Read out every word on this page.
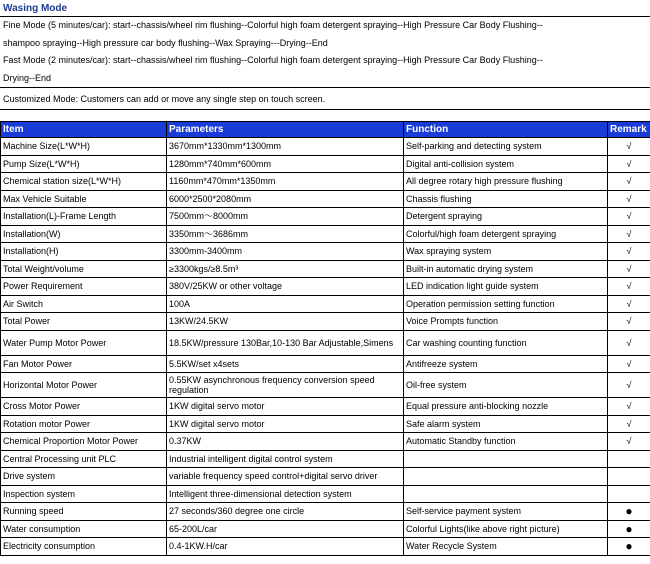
Wasing Mode
Fine Mode (5 minutes/car): start--chassis/wheel rim flushing--Colorful high foam detergent spraying--High Pressure Car Body Flushing--
shampoo spraying--High pressure car body flushing--Wax Spraying---Drying--End
Fast Mode (2 minutes/car): start--chassis/wheel rim flushing--Colorful high foam detergent spraying--High Pressure Car Body Flushing--
Drying--End
Customized Mode: Customers can add or move any single step on touch screen.
Item	Parameters	Function	Remark
Machine Size(L*W*H)	3670mm*1330mm*1300mm	Self-parking and detecting system	√
Pump Size(L*W*H)	1280mm*740mm*600mm	Digital anti-collision system	√
Chemical station size(L*W*H)	1160mm*470mm*1350mm	All degree rotary high pressure flushing	√
Max Vehicle Suitable	6000*2500*2080mm	Chassis flushing	√
Installation(L)-Frame Length	7500mm～8000mm	Detergent spraying	√
Installation(W)	3350mm～3686mm	Colorful/high foam detergent spraying	√
Installation(H)	3300mm-3400mm	Wax spraying system	√
Total Weight/volume	≥3300kgs/≥8.5m³	Built-in automatic drying system	√
Power Requirement	380V/25KW or other voltage	LED indication light guide system	√
Air Switch	100A	Operation permission setting function	√
Total Power	13KW/24.5KW	Voice Prompts function	√
Water Pump Motor Power	18.5KW/pressure 130Bar,10-130 Bar Adjustable,Simens	Car washing counting function	√
Fan Motor Power	5.5KW/set x4sets	Antifreeze system	√
Horizontal Motor Power	0.55KW asynchronous frequency conversion speed regulation	Oil-free system	√
Cross Motor Power	1KW digital servo motor	Equal pressure anti-blocking nozzle	√
Rotation motor Power	1KW digital servo motor	Safe alarm system	√
Chemical Proportion Motor Power	0.37KW	Automatic Standby function	√
Central Processing unit PLC	Industrial intelligent digital control system		
Drive system	variable frequency speed control+digital servo driver		
Inspection system	Intelligent three-dimensional detection system		
Running speed	27 seconds/360 degree one circle	Self-service payment system	●
Water consumption	65-200L/car	Colorful Lights(like above right picture)	●
Electricity consumption	0.4-1KW.H/car	Water Recycle System	●
